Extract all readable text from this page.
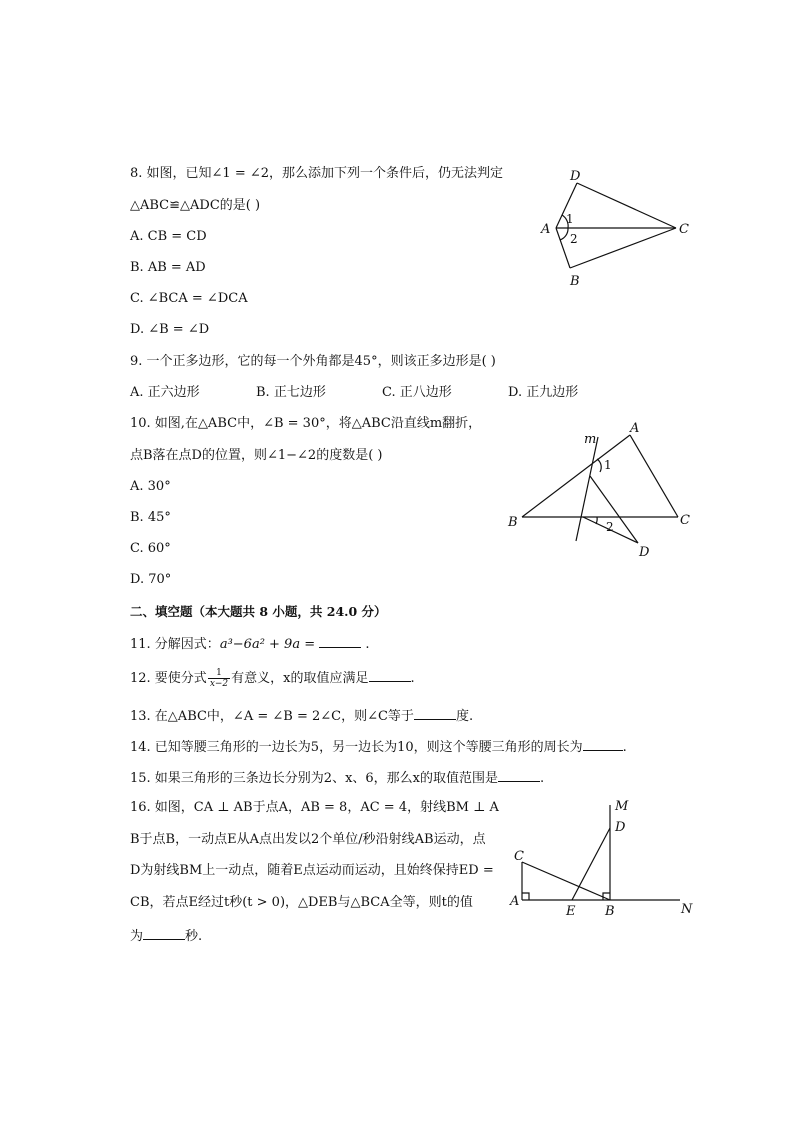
8. 如图，已知∠1 = ∠2，那么添加下列一个条件后，仍无法判定
△ABC≌△ADC的是( )
A. CB = CD
B. AB = AD
C. ∠BCA = ∠DCA
D. ∠B = ∠D
D
A	C
B
1
2
9. 一个正多边形，它的每一个外角都是45°，则该正多边形是( )
A. 正六边形	B. 正七边形	C. 正八边形	D. 正九边形
10. 如图,在△ABC中，∠B = 30°，将△ABC沿直线m翻折，
点B落在点D的位置，则∠1−∠2的度数是( )
A. 30°
B. 45°
C. 60°
D. 70°
m
A
B	C
D
1
2
二、填空题（本大题共 8 小题，共 24.0 分）
11. 分解因式：a³−6a² + 9a =	.
12. 要使分式 $\frac{1}{x-2}$ 有意义，x的取值应满足	.
13. 在△ABC中，∠A = ∠B = 2∠C，则∠C等于	度.
14. 已知等腰三角形的一边长为5，另一边长为10，则这个等腰三角形的周长为	.
15. 如果三角形的三条边长分别为2、x、6，那么x的取值范围是	.
16. 如图，CA ⊥ AB于点A，AB = 8，AC = 4，射线BM ⊥ A
B于点B，一动点E从A点出发以2个单位/秒沿射线AB运动，点
D为射线BM上一动点，随着E点运动而运动，且始终保持ED =
CB，若点E经过t秒(t > 0)，△DEB与△BCA全等，则t的值
为	秒.
M
D
C
A
E B	N
